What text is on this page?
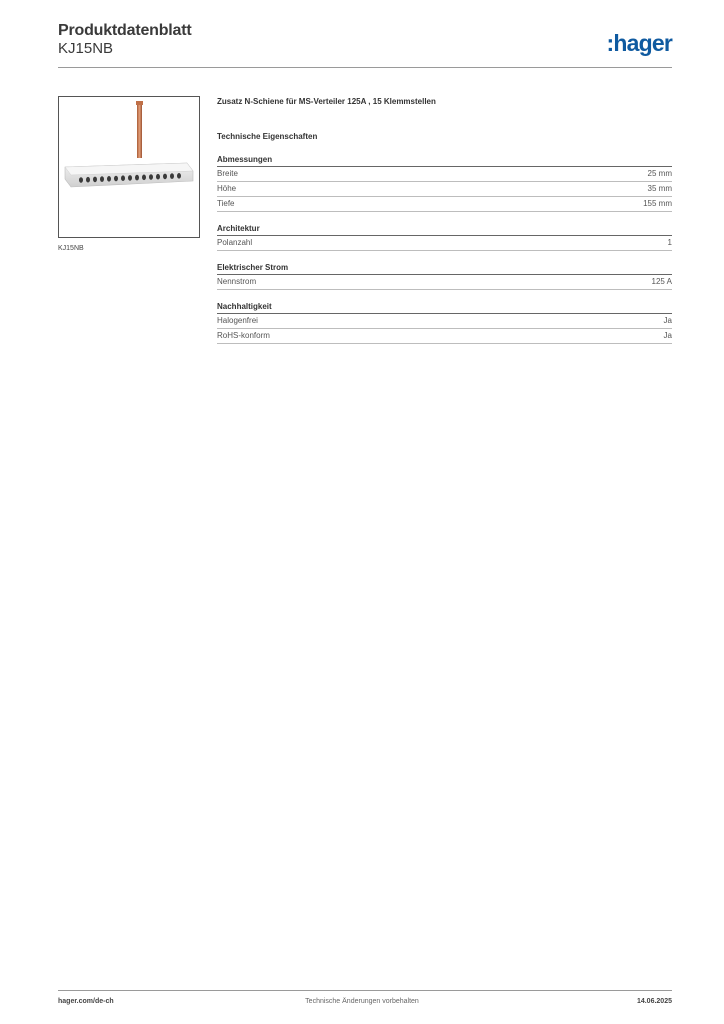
Produktdatenblatt
KJ15NB	:hager
KJ15NB
Zusatz N-Schiene für MS-Verteiler 125A , 15 Klemmstellen
Technische Eigenschaften
Abmessungen
Breite	25 mm
Höhe	35 mm
Tiefe	155 mm
Architektur
Polanzahl	1
Elektrischer Strom
Nennstrom	125 A
Nachhaltigkeit
Halogenfrei	Ja
RoHS-konform	Ja
hager.com/de-ch	Technische Änderungen vorbehalten	14.06.2025
